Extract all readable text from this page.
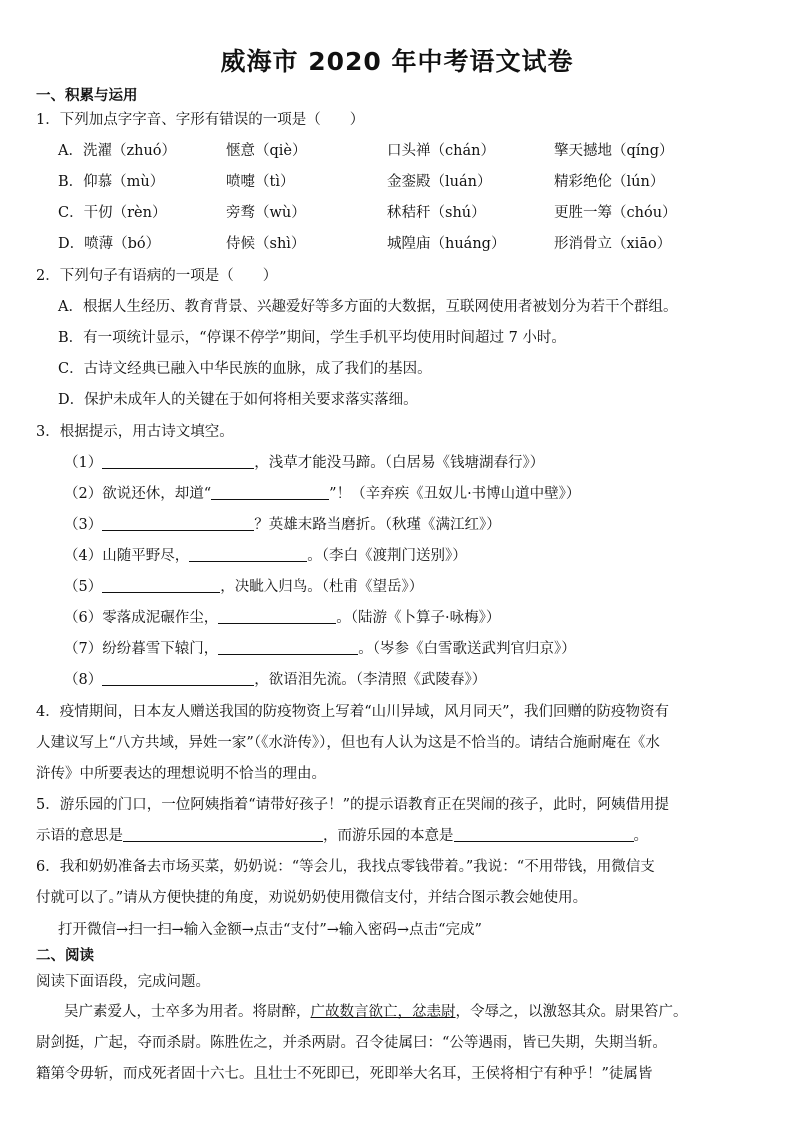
威海市 2020 年中考语文试卷
一、积累与运用
1．下列加点字字音、字形有错误的一项是（　　）
A．洗濯（zhuó）	惬意（qiè）	口头禅（chán）	擎天撼地（qíng）
B．仰慕（mù）	喷嚏（tì）	金銮殿（luán）	精彩绝伦（lún）
C．干仞（rèn）	旁骛（wù）	秫秸秆（shú）	更胜一筹（chóu）
D．喷薄（bó）	侍候（shì）	城隍庙（huáng）	形消骨立（xiāo）
2．下列句子有语病的一项是（　　）
A．根据人生经历、教育背景、兴趣爱好等多方面的大数据，互联网使用者被划分为若干个群组。
B．有一项统计显示，“停课不停学”期间，学生手机平均使用时间超过 7 小时。
C．古诗文经典已融入中华民族的血脉，成了我们的基因。
D．保护未成年人的关键在于如何将相关要求落实落细。
3．根据提示，用古诗文填空。
（1）	，浅草才能没马蹄。（白居易《钱塘湖春行》）
（2）欲说还休，却道“	”！（辛弃疾《丑奴儿·书博山道中壁》）
（3）	？英雄末路当磨折。（秋瑾《满江红》）
（4）山随平野尽，	。（李白《渡荆门送别》）
（5）	，决眦入归鸟。（杜甫《望岳》）
（6）零落成泥碾作尘，	。（陆游《卜算子·咏梅》）
（7）纷纷暮雪下辕门，	。（岑参《白雪歌送武判官归京》）
（8）	，欲语泪先流。（李清照《武陵春》）
4．疫情期间，日本友人赠送我国的防疫物资上写着“山川异域，风月同天”，我们回赠的防疫物资有
人建议写上“八方共域，异姓一家”（《水浒传》），但也有人认为这是不恰当的。请结合施耐庵在《水
浒传》中所要表达的理想说明不恰当的理由。
5．游乐园的门口，一位阿姨指着“请带好孩子！”的提示语教育正在哭闹的孩子，此时，阿姨借用提
示语的意思是	，而游乐园的本意是	。
6．我和奶奶准备去市场买菜，奶奶说：“等会儿，我找点零钱带着。”我说：“不用带钱，用微信支
付就可以了。”请从方便快捷的角度，劝说奶奶使用微信支付，并结合图示教会她使用。
打开微信→扫一扫→输入金额→点击“支付”→输入密码→点击“完成”
二、阅读
阅读下面语段，完成问题。
吴广素爱人，士卒多为用者。将尉醉，广故数言欲亡，忿恚尉，令辱之，以激怒其众。尉果笞广。
尉剑挺，广起，夺而杀尉。陈胜佐之，并杀两尉。召令徒属曰：“公等遇雨，皆已失期，失期当斩。
籍第令毋斩，而戍死者固十六七。且壮士不死即已，死即举大名耳，王侯将相宁有种乎！”徒属皆
